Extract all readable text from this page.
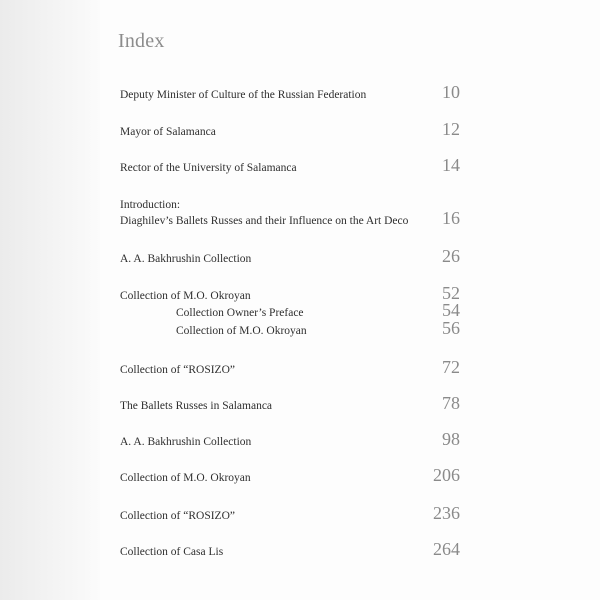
Index
Deputy Minister of Culture of the Russian Federation	10
Mayor of Salamanca	12
Rector of the University of Salamanca	14
Introduction:
Diaghilev’s Ballets Russes and their Influence on the Art Deco	16
A. A. Bakhrushin Collection	26
Collection of M.O. Okroyan	52
Collection Owner’s Preface	54
Collection of M.O. Okroyan	56
Collection of “ROSIZO”	72
The Ballets Russes in Salamanca	78
A. A. Bakhrushin Collection	98
Collection of M.O. Okroyan	206
Collection of “ROSIZO”	236
Collection of Casa Lis	264
